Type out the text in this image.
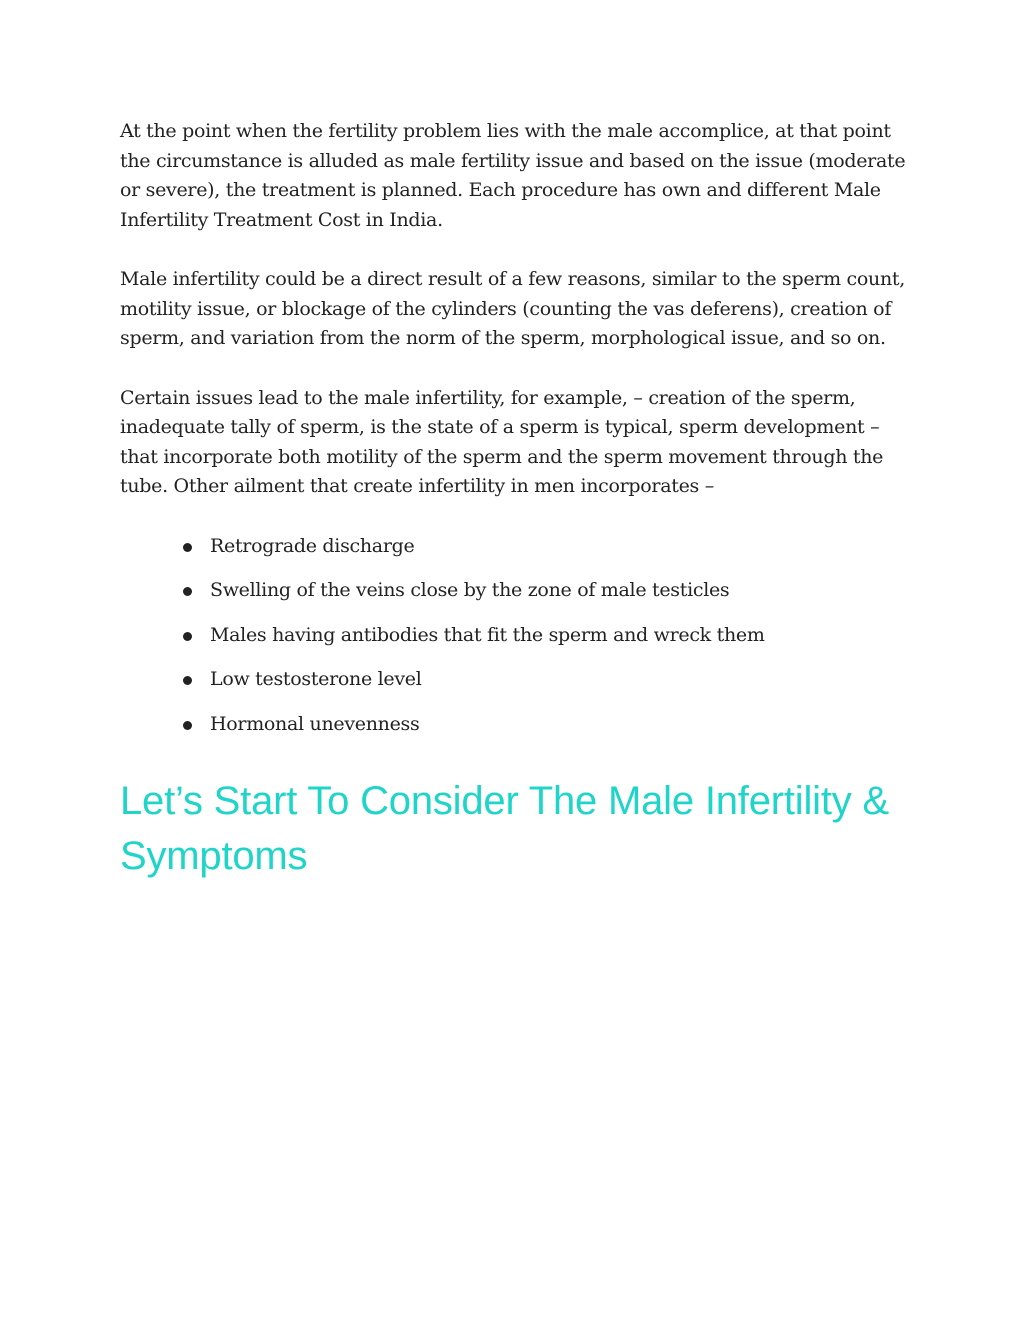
At the point when the fertility problem lies with the male accomplice, at that point the circumstance is alluded as male fertility issue and based on the issue (moderate or severe), the treatment is planned. Each procedure has own and different Male Infertility Treatment Cost in India.

Male infertility could be a direct result of a few reasons, similar to the sperm count, motility issue, or blockage of the cylinders (counting the vas deferens), creation of sperm, and variation from the norm of the sperm, morphological issue, and so on.

Certain issues lead to the male infertility, for example, – creation of the sperm, inadequate tally of sperm, is the state of a sperm is typical, sperm development – that incorporate both motility of the sperm and the sperm movement through the tube. Other ailment that create infertility in men incorporates –

Retrograde discharge
Swelling of the veins close by the zone of male testicles
Males having antibodies that fit the sperm and wreck them
Low testosterone level
Hormonal unevenness
Let’s Start To Consider The Male Infertility & Symptoms
